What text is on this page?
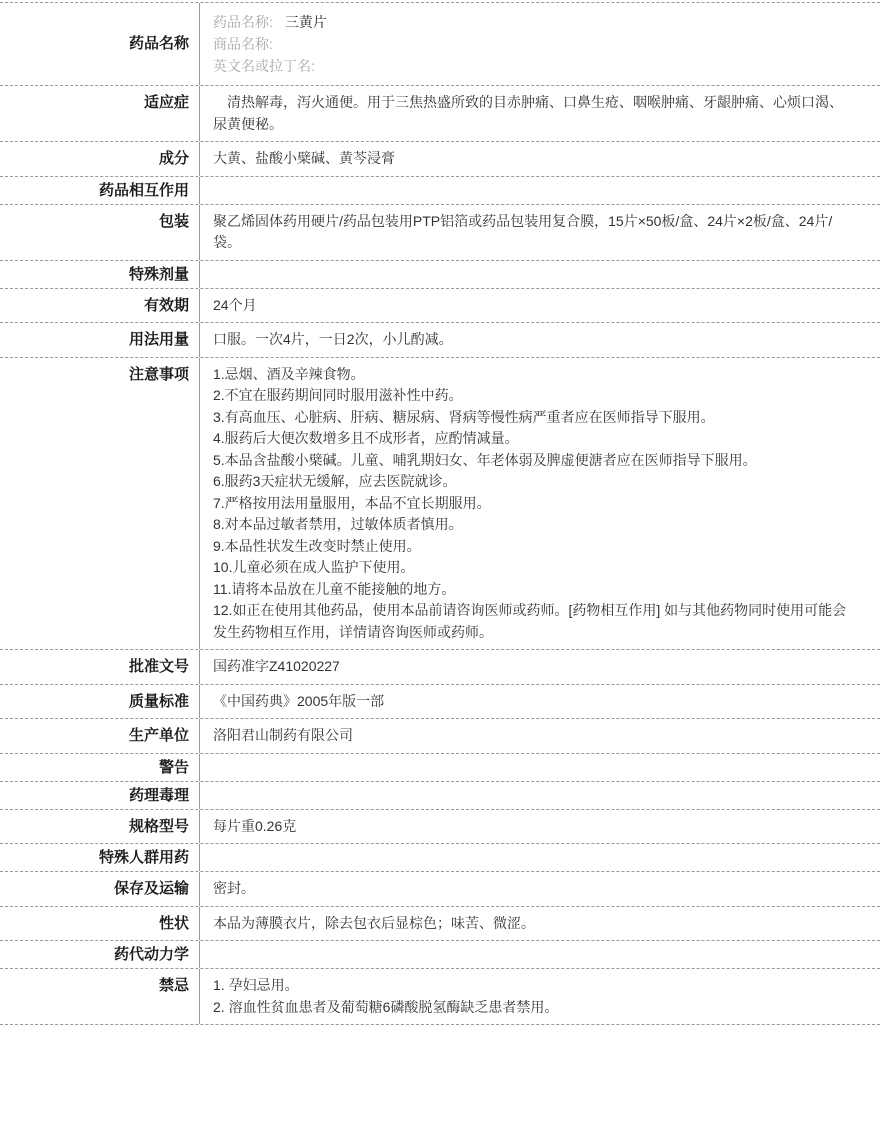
药品名称
药品名称: 三黄片
商品名称:
英文名或拉丁名:
适应症	清热解毒，泻火通便。用于三焦热盛所致的目赤肿痛、口鼻生疮、咽喉肿痛、牙龈肿痛、心烦口渴、尿黄便秘。
成分	大黄、盐酸小檗碱、黄芩浸膏
药品相互作用
包装	聚乙烯固体药用硬片/药品包装用PTP铝箔或药品包装用复合膜，15片×50板/盒、24片×2板/盒、24片/袋。
特殊剂量
有效期	24个月
用法用量	口服。一次4片，一日2次，小儿酌减。
注意事项	1.忌烟、酒及辛辣食物。
2.不宜在服药期间同时服用滋补性中药。
3.有高血压、心脏病、肝病、糖尿病、肾病等慢性病严重者应在医师指导下服用。
4.服药后大便次数增多且不成形者，应酌情减量。
5.本品含盐酸小檗碱。儿童、哺乳期妇女、年老体弱及脾虚便溏者应在医师指导下服用。
6.服药3天症状无缓解，应去医院就诊。
7.严格按用法用量服用，本品不宜长期服用。
8.对本品过敏者禁用，过敏体质者慎用。
9.本品性状发生改变时禁止使用。
10.儿童必须在成人监护下使用。
11.请将本品放在儿童不能接触的地方。
12.如正在使用其他药品，使用本品前请咨询医师或药师。[药物相互作用] 如与其他药物同时使用可能会发生药物相互作用，详情请咨询医师或药师。
批准文号	国药准字Z41020227
质量标准	《中国药典》2005年版一部
生产单位	洛阳君山制药有限公司
警告
药理毒理
规格型号	每片重0.26克
特殊人群用药
保存及运输	密封。
性状	本品为薄膜衣片，除去包衣后显棕色；味苦、微涩。
药代动力学
禁忌	1. 孕妇忌用。
2. 溶血性贫血患者及葡萄糖6磷酸脱氢酶缺乏患者禁用。
